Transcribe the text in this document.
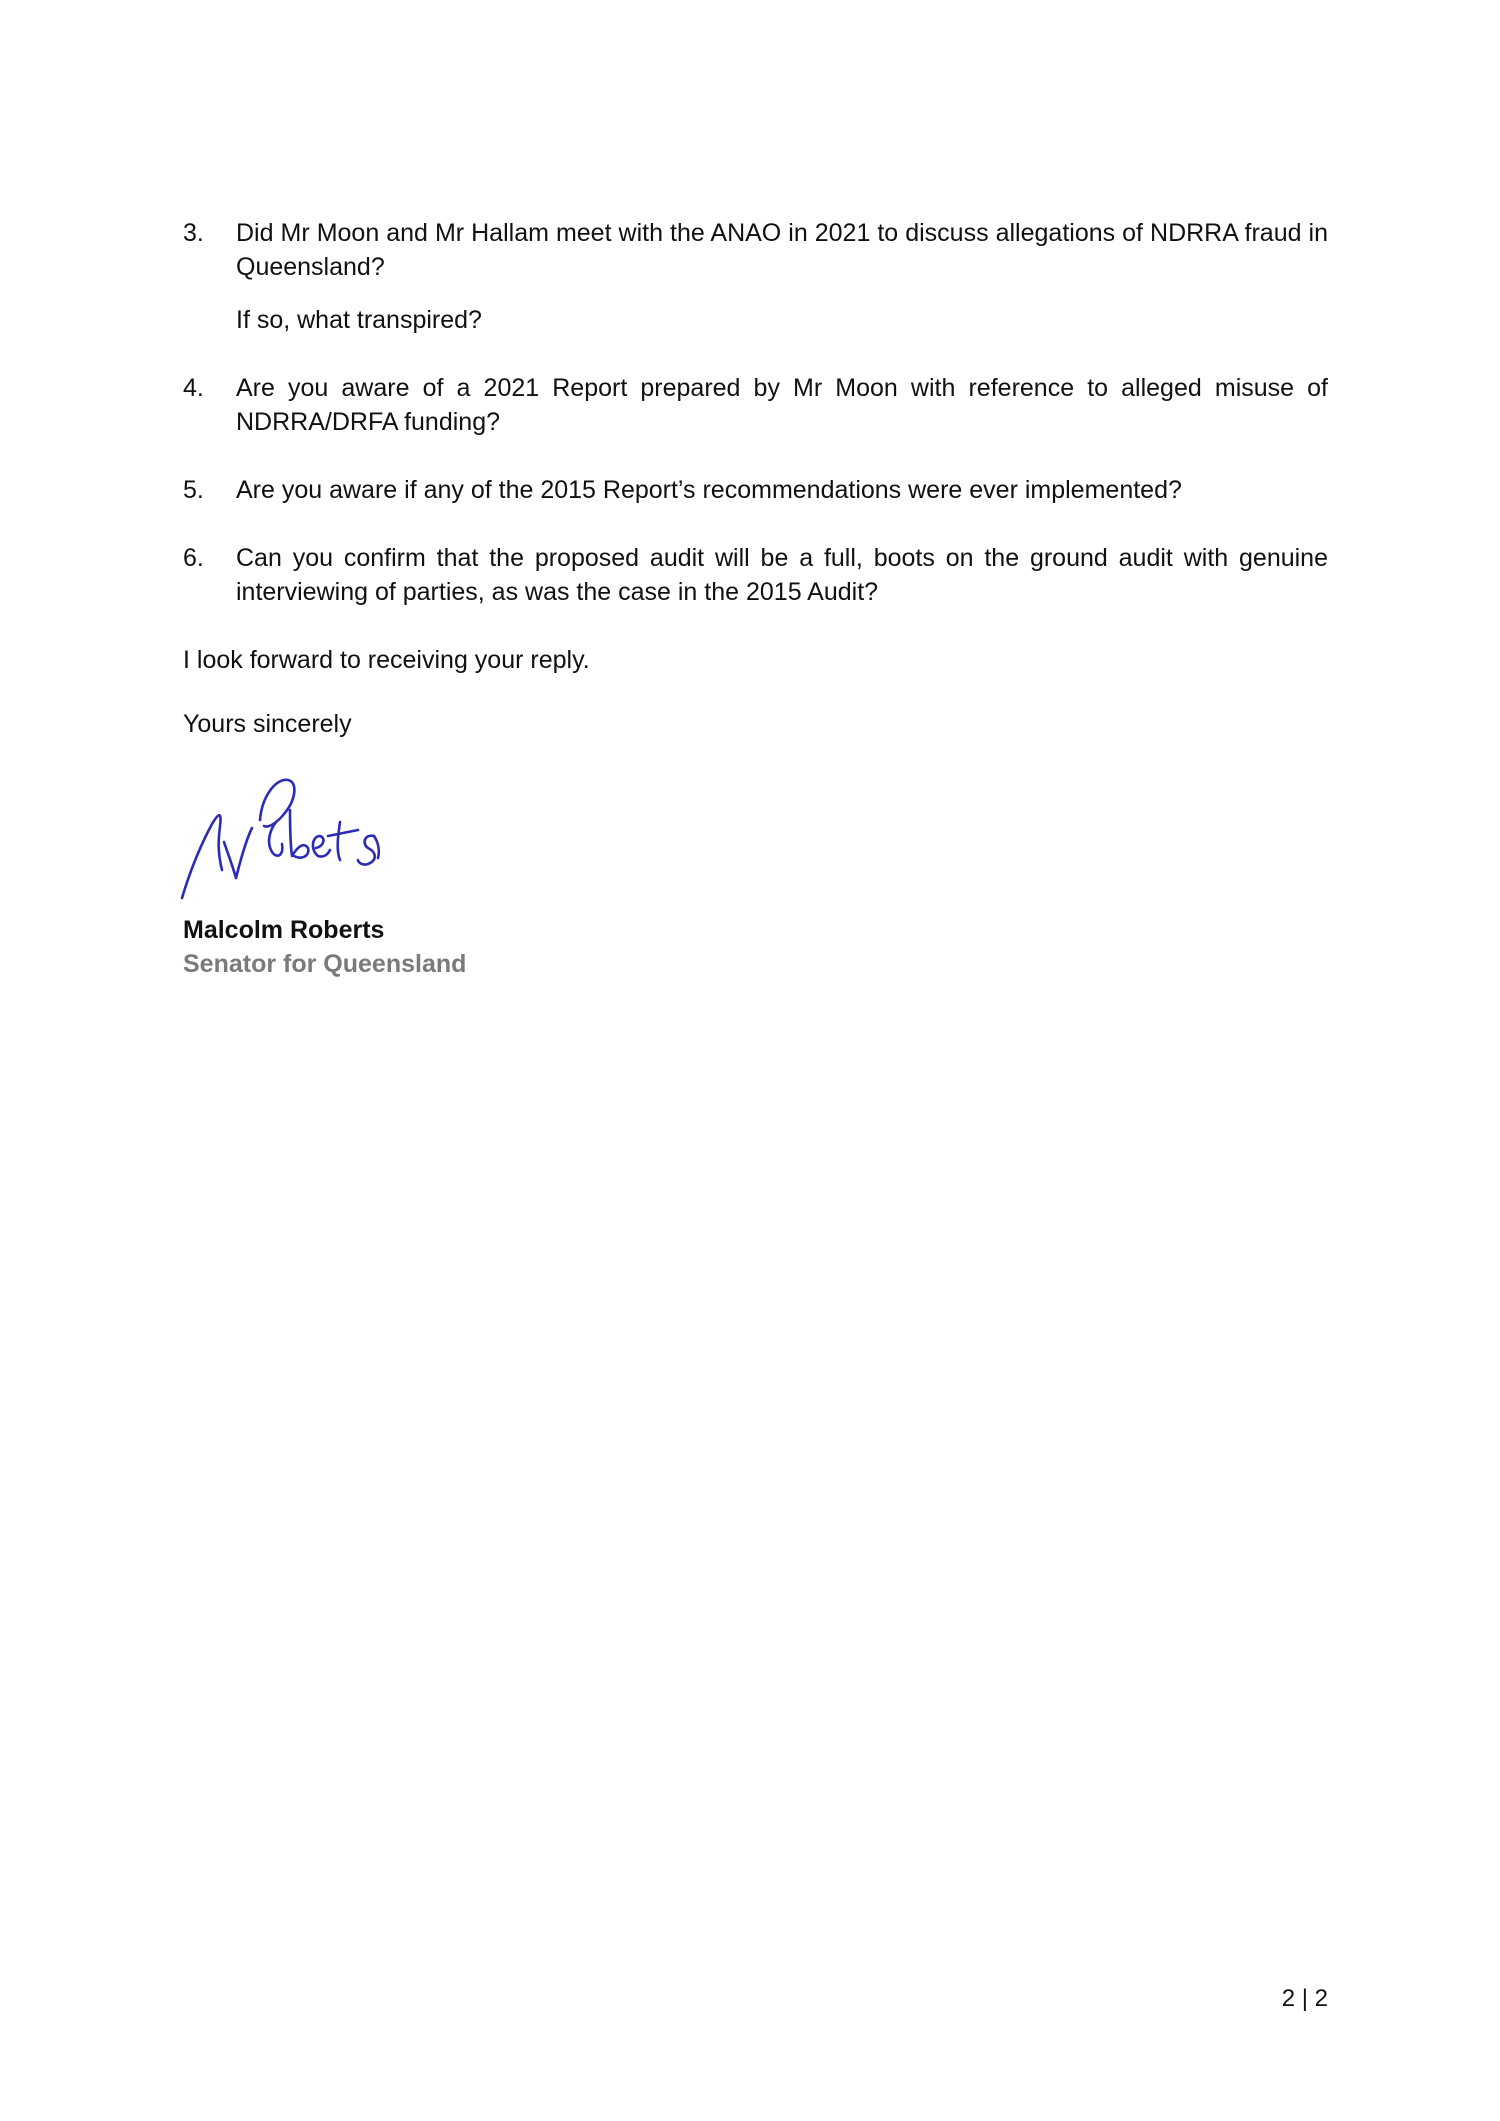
3. Did Mr Moon and Mr Hallam meet with the ANAO in 2021 to discuss allegations of NDRRA fraud in Queensland?
If so, what transpired?
4. Are you aware of a 2021 Report prepared by Mr Moon with reference to alleged misuse of NDRRA/DRFA funding?
5. Are you aware if any of the 2015 Report’s recommendations were ever implemented?
6. Can you confirm that the proposed audit will be a full, boots on the ground audit with genuine interviewing of parties, as was the case in the 2015 Audit?
I look forward to receiving your reply.
Yours sincerely
Malcolm Roberts
Senator for Queensland
2 | 2
